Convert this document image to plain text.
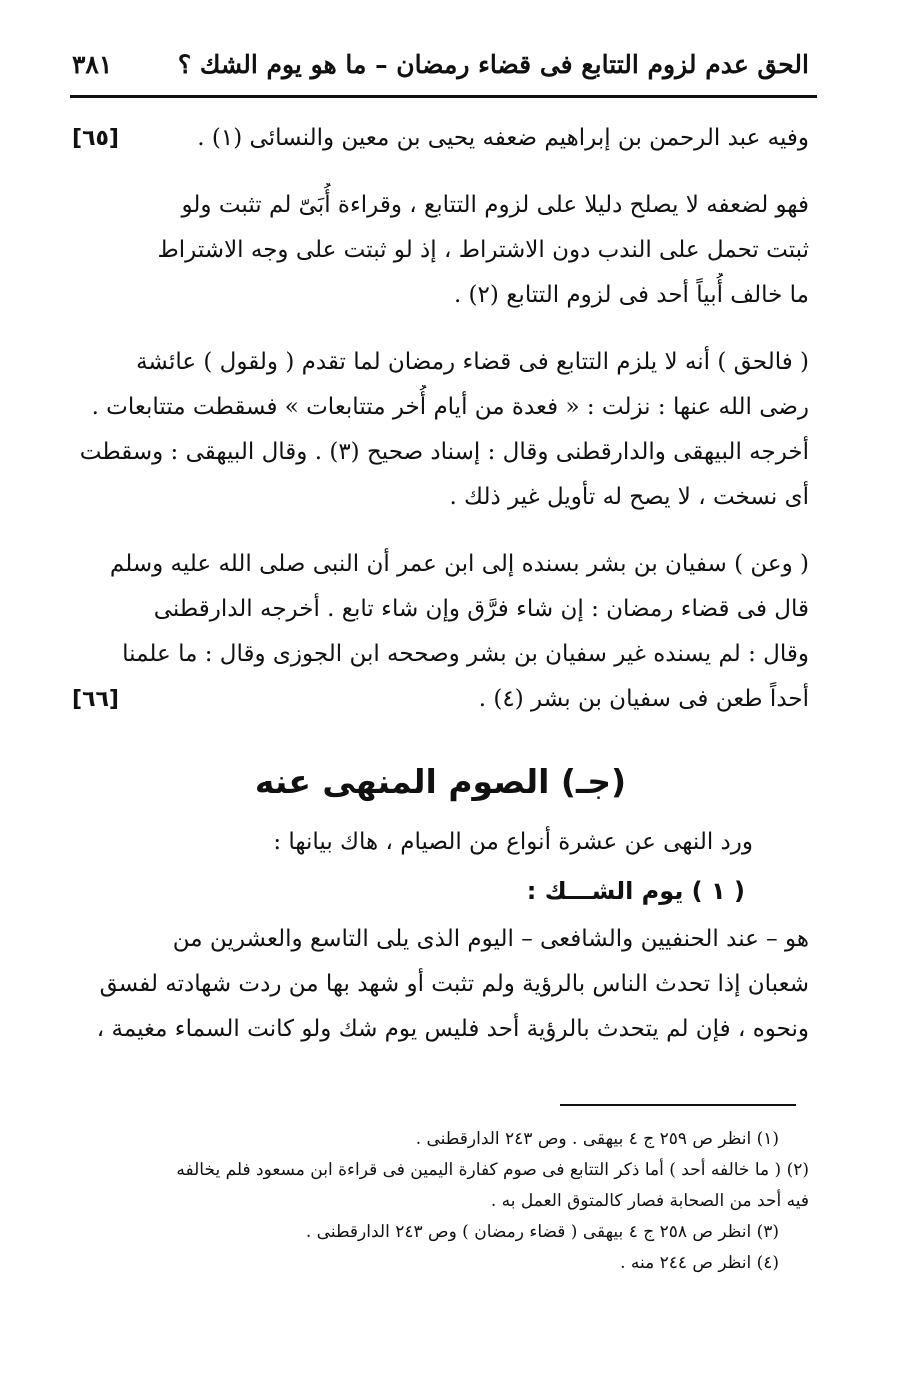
الحق عدم لزوم التتابع فى قضاء رمضان – ما هو يوم الشك ؟
٣٨١
وفيه عبد الرحمن بن إبراهيم ضعفه يحيى بن معين والنسائى (١) .
[٦٥]
فهو لضعفه لا يصلح دليلا على لزوم التتابع ، وقراءة أُبَىّ لم تثبت ولو
ثبتت تحمل على الندب دون الاشتراط ، إذ لو ثبتت على وجه الاشتراط
ما خالف أُبياً أحد فى لزوم التتابع (٢) .
( فالحق ) أنه لا يلزم التتابع فى قضاء رمضان لما تقدم ( ولقول ) عائشة
رضى الله عنها : نزلت : « فعدة من أيام أُخر متتابعات » فسقطت متتابعات .
أخرجه البيهقى والدارقطنى وقال : إسناد صحيح (٣) . وقال البيهقى : وسقطت
أى نسخت ، لا يصح له تأويل غير ذلك .
( وعن ) سفيان بن بشر بسنده إلى ابن عمر أن النبى صلى الله عليه وسلم
قال فى قضاء رمضان : إن شاء فرَّق وإن شاء تابع . أخرجه الدارقطنى
وقال : لم يسنده غير سفيان بن بشر وصححه ابن الجوزى وقال : ما علمنا
أحداً طعن فى سفيان بن بشر (٤) .
[٦٦]
(جـ) الصوم المنهى عنه

ورد النهى عن عشرة أنواع من الصيام ، هاك بيانها :

( ١ ) يوم الشـــك :

هو – عند الحنفيين والشافعى – اليوم الذى يلى التاسع والعشرين من
شعبان إذا تحدث الناس بالرؤية ولم تثبت أو شهد بها من ردت شهادته لفسق
ونحوه ، فإن لم يتحدث بالرؤية أحد فليس يوم شك ولو كانت السماء مغيمة ،
(١) انظر ص ٢٥٩ ج ٤ بيهقى . وص ٢٤٣ الدارقطنى .
(٢) ( ما خالفه أحد ) أما ذكر التتابع فى صوم كفارة اليمين فى قراءة ابن مسعود فلم يخالفه
فيه أحد من الصحابة فصار كالمتوق العمل به .
(٣) انظر ص ٢٥٨ ج ٤ بيهقى ( قضاء رمضان ) وص ٢٤٣ الدارقطنى .
(٤) انظر ص ٢٤٤ منه .
